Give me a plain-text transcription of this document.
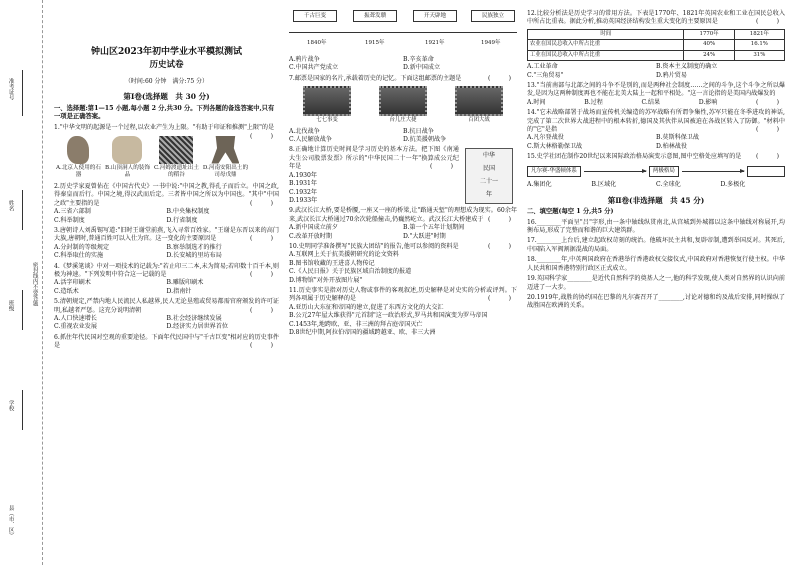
准考证号
姓名
班级	密封线内不要答题
学校
县（市、区）
钟山区2023年初中学业水平模拟测试
历史试卷
（时间:60 分钟　满分:75 分）
第Ⅰ卷(选择题　共 30 分)
一、选择题:第1—15 小题,每小题 2 分,共30 分。下列各题的备选答案中,只有一项是正确答案。
1."中华文明的起源是一个过程,以农业产生为上限。"有助于印证和推测"上限"的是
(　　　)
A.北京人使用的石器
B.山顶洞人的装饰品
C.河姆渡遗址出土的稻谷
D.河南安阳出土的司母戊鼎
2.历史学家夏曾佑在《中国古代史》一书中说:"中国之教,得孔子而后立。中国之政,得秦皇而后行。中国之境,得汉武而后定。三者皆中国之所以为中国也。"其中"中国之政"主要指的是	(　　　)
A.三省六部制	B.中央集权制度
C.科举制度	D.行省制度
3.唐朝诗人刘禹锡写道:"旧时王谢堂前燕,飞入寻常百姓家。"王谢是东晋以来的高门大族,唐朝时,普通百姓可以入仕为官。这一变化的主要原因是	(　　　)
A.分封制的等级规定	B.察举制选才的推行
C.科举取仕的实施	D.长安城的里坊布局
4.《梦溪笔谈》中对一项技术的记载为:"若止印三二本,未为简易;若印数十百千本,则极为神速。"下列发明中符合这一记载的是	(　　　)
A.活字印刷术	B.雕版印刷术
C.造纸术	D.指南针
5.清朝规定,严禁内地人民流民人私越界,民人无论垦殖或贸易都需官府颁发的许可证明,私越者严惩。这充分说明清朝	(　　　)
A.人口快速增长	B.社会经济继续发展
C.重视农业发展	D.经济实力居世界首位
6.抓住年代民国对空观的重要途径。下面年代民国中与"千古巨变"相对应的历史事件是	(　　　)
千古巨变	振聋发聩	开天辟地	民族独立
1840年	1915年	1921年	1949年
A.鸦片战争	B.辛亥革命
C.中国共产党成立	D.新中国成立
7.邮票是国家的名片,承载着历史的记忆。下面这组邮票的主题是	(　　　)
七七事变	台儿庄大捷	百团大战
A.北伐战争	B.抗日战争
C.人民解放战争	D.抗美援朝战争
中华
民国
二十一
年
8.正确地计算历史时间是学习历史的基本方法。把下图《南通大生公司股票发票》所示的"中华民国二十一年"换算成公元纪年是	(　　　)
A.1930年
B.1931年
C.1932年
D.1933年
9.武汉长江大桥,要是桥腰,一座又一座的桥梁,让"路通天堑"的理想成为现实。60余年来,武汉长江大桥通过70余次轮船撞击,仍巍然屹立。武汉长江大桥建成于 (　　　)
A.新中国成立前夕	B.第一个五年计划期间
C.改革开放时期	D."大跃进"时期
10.史明同学准备撰写"民族大团结"的报告,他可以参阅的资料是	(　　　)
A.互联网上关于抗美援朝研究的论文资料
B.图书馆收藏的王进喜人物传记
C.《人民日报》关于民族区域自治制度的报道
D.博物馆"对外开放图片展"
11.历史事实是指对历史人物或事件的客观叙述,历史解释是对史实的分析或评判。下列各项属于历史解释的是	(　　　)
A.亚历山大东征和帝国的建立,促进了东西方文化的大交汇
B.公元27年屋大维获得"元首制"这一政治形式,罗马共和国演变为罗马帝国
C.1453年,地跨欧、亚、非三洲的拜占庭帝国灭亡
D.8世纪中期,阿拉伯帝国的疆域跨越亚、欧、非三大洲
12.比较分析法是历史学习的常用方法。下表是1770年、1821年英国农业和工业在国民总收入中所占比重表。据此分析,推动英国经济结构发生重大变化的主要原因是	(　　　)
时间	1770年	1821年
农业在国民总收入中所占比重	40%	16.1%
工业在国民总收入中所占比重	24%	31%
A.工业革命	B.资本主义制度的确立
C."三角贸易"	D.鸦片贸易
13."当前南部与北部之间的斗争不是别的,而是两种社会制度……之间的斗争,这个斗争之所以爆发,是因为这两种制度再也不能在北美大陆上一起和平相处。"这一言论指的是美国内战爆发的
(　　　)
A.时间	B.过程	C.结果	D.影响
14."它未战略部署于战场而宣传机关编造的苏军战略有所谓争集性,苏军只能在冬季进攻的神话,完成了第二次世界大战进程中的根本转折,德国及其伙伴从国被迫在各战区转入了防御。"材料中的"它"是指	(　　　)
A.凡尔登战役	B.莫斯科保卫战
C.斯大林格勒保卫战	D.柏林战役
15.史学社团在制作20世纪以来国际政治格局演变示意图,图中空格处应填写的是 (　　　)
凡尔赛-华盛顿体系	两极格局
A.集团化	B.区域化	C.全球化	D.多极化
第Ⅱ卷(非选择题　共 45 分)
二、填空题(每空 1 分,共5 分)
16.________平面呈"吕"字形,由一条中轴线纵贯南北,从宫城到外城都以这条中轴线对称展开,均衡布局,形成了完整而和谐的巨大建筑群。
17.________上台后,建立起政权苛刻的统治。他破坏民主共和,复辟帝制,遭到举国反对。其死后,中国陷入军阀割据混战的局面。
18.________年,中英两国政府在香港举行香港政权交接仪式,中国政府对香港恢复行使主权。中华人民共和国香港特别行政区正式成立。
19.英国科学家________是近代自然科学的奠基人之一,他的科学发现,使人类对自然界的认识向前迈进了一大步。
20.1919年,战胜的协约国在巴黎的凡尔赛召开了________,讨论对德和约及战后安排,同时操纵了战胜国在欧洲的关系。
